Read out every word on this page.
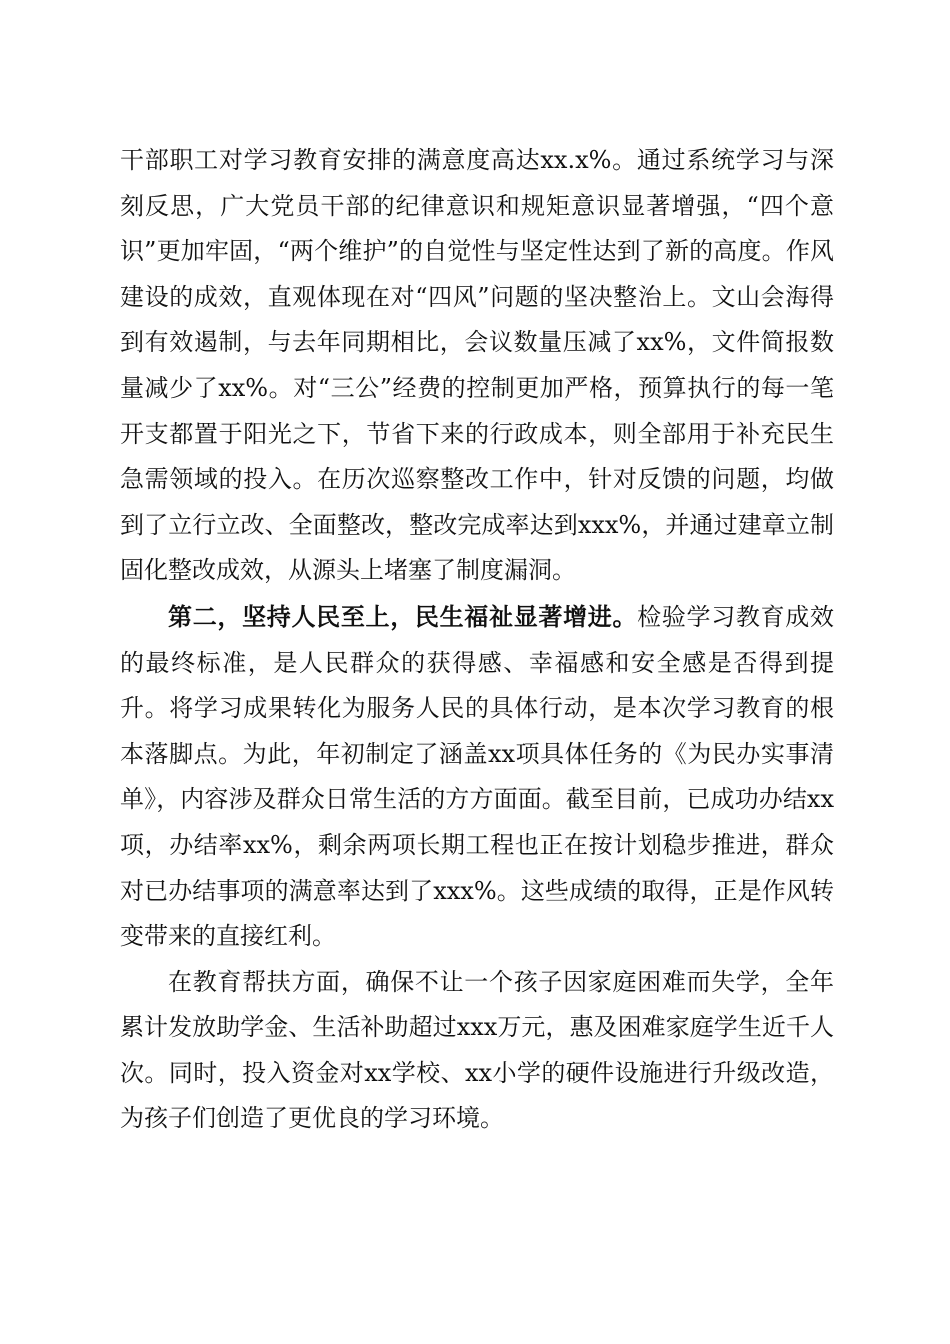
干部职工对学习教育安排的满意度高达xx.x%。通过系统学习与深刻反思，广大党员干部的纪律意识和规矩意识显著增强，“四个意识”更加牢固，“两个维护”的自觉性与坚定性达到了新的高度。作风建设的成效，直观体现在对“四风”问题的坚决整治上。文山会海得到有效遏制，与去年同期相比，会议数量压减了xx%，文件简报数量减少了xx%。对“三公”经费的控制更加严格，预算执行的每一笔开支都置于阳光之下，节省下来的行政成本，则全部用于补充民生急需领域的投入。在历次巡察整改工作中，针对反馈的问题，均做到了立行立改、全面整改，整改完成率达到xxx%，并通过建章立制固化整改成效，从源头上堵塞了制度漏洞。

第二，坚持人民至上，民生福祉显著增进。检验学习教育成效的最终标准，是人民群众的获得感、幸福感和安全感是否得到提升。将学习成果转化为服务人民的具体行动，是本次学习教育的根本落脚点。为此，年初制定了涵盖xx项具体任务的《为民办实事清单》，内容涉及群众日常生活的方方面面。截至目前，已成功办结xx项，办结率xx%，剩余两项长期工程也正在按计划稳步推进，群众对已办结事项的满意率达到了xxx%。这些成绩的取得，正是作风转变带来的直接红利。

在教育帮扶方面，确保不让一个孩子因家庭困难而失学，全年累计发放助学金、生活补助超过xxx万元，惠及困难家庭学生近千人次。同时，投入资金对xx学校、xx小学的硬件设施进行升级改造，为孩子们创造了更优良的学习环境。
